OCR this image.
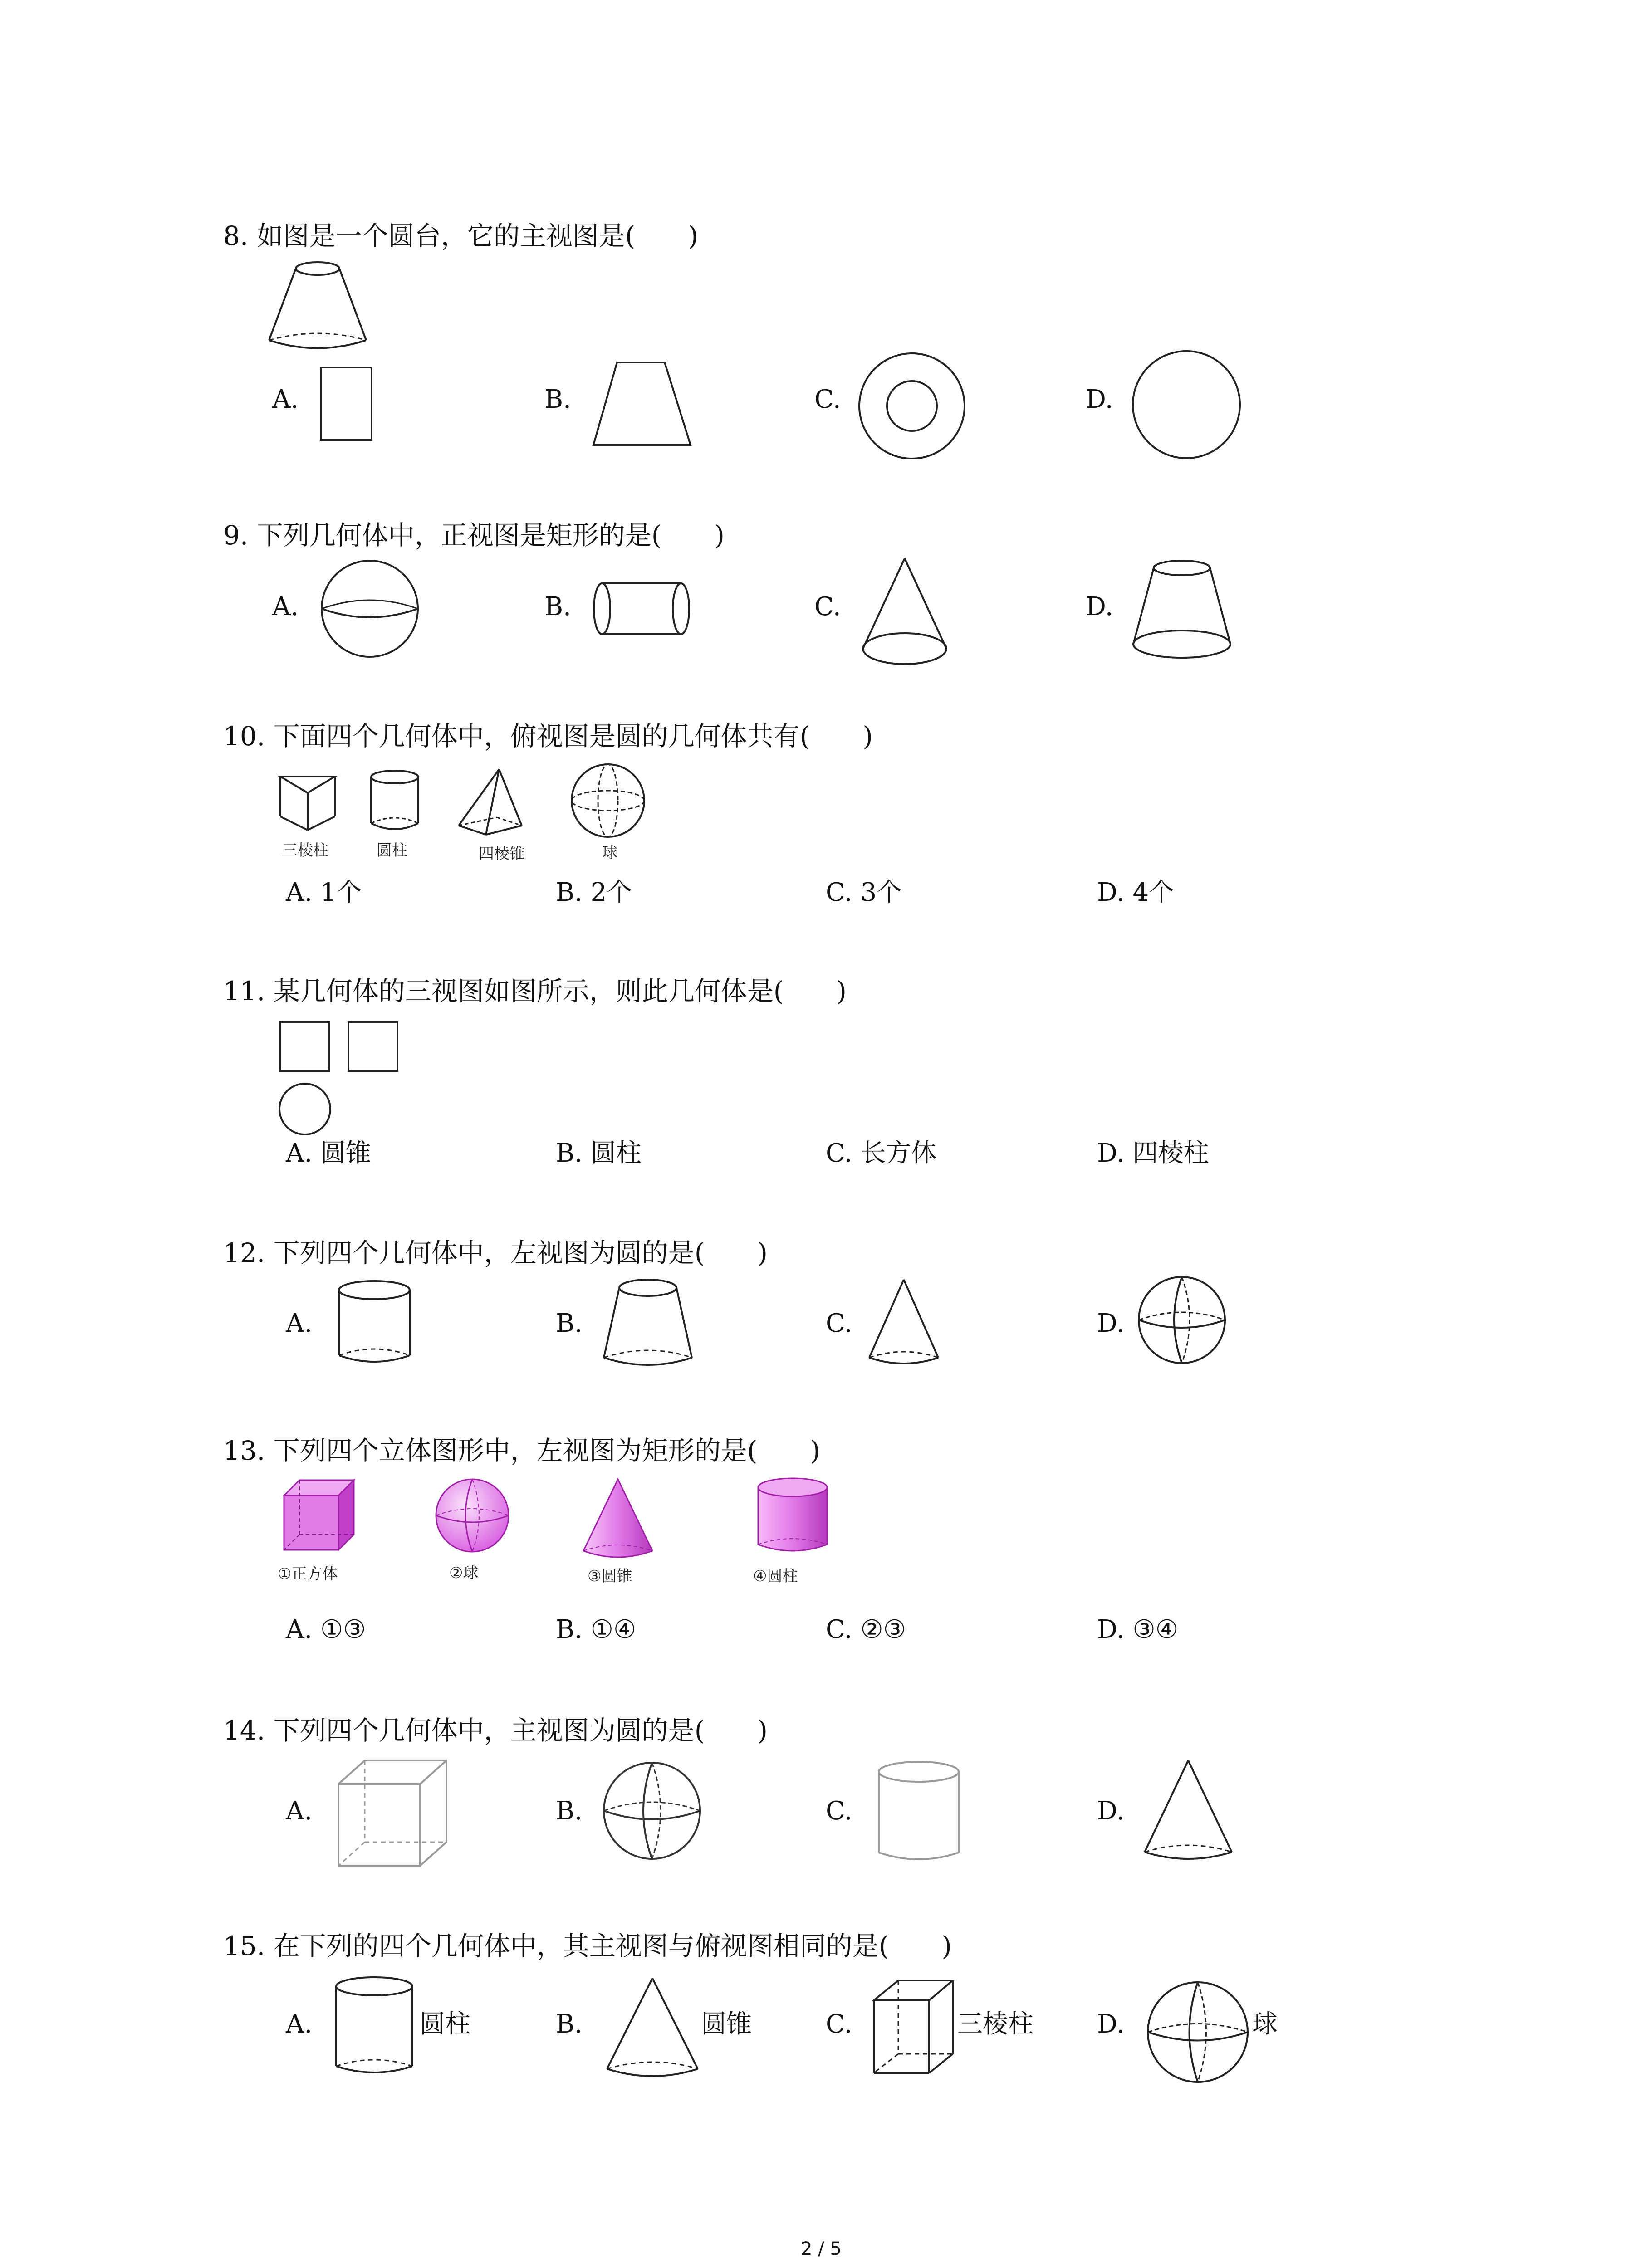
8. 如图是一个圆台，它的主视图是(　　)
A.	B.	C.	D.
9. 下列几何体中，正视图是矩形的是(　　)
A.	B.	C.	D.
10. 下面四个几何体中，俯视图是圆的几何体共有(　　)
三棱柱	圆柱	四棱锥	球
A. 1个	B. 2个	C. 3个	D. 4个
11. 某几何体的三视图如图所示，则此几何体是(　　)
A. 圆锥	B. 圆柱	C. 长方体	D. 四棱柱
12. 下列四个几何体中，左视图为圆的是(　　)
A.	B.	C.	D.
13. 下列四个立体图形中，左视图为矩形的是(　　)
①正方体	②球	③圆锥	④圆柱
A. ①③	B. ①④	C. ②③	D. ③④
14. 下列四个几何体中，主视图为圆的是(　　)
A.	B.	C.	D.
15. 在下列的四个几何体中，其主视图与俯视图相同的是(　　)
A.	圆柱	B.	圆锥	C.	三棱柱	D.	球
2 / 5
